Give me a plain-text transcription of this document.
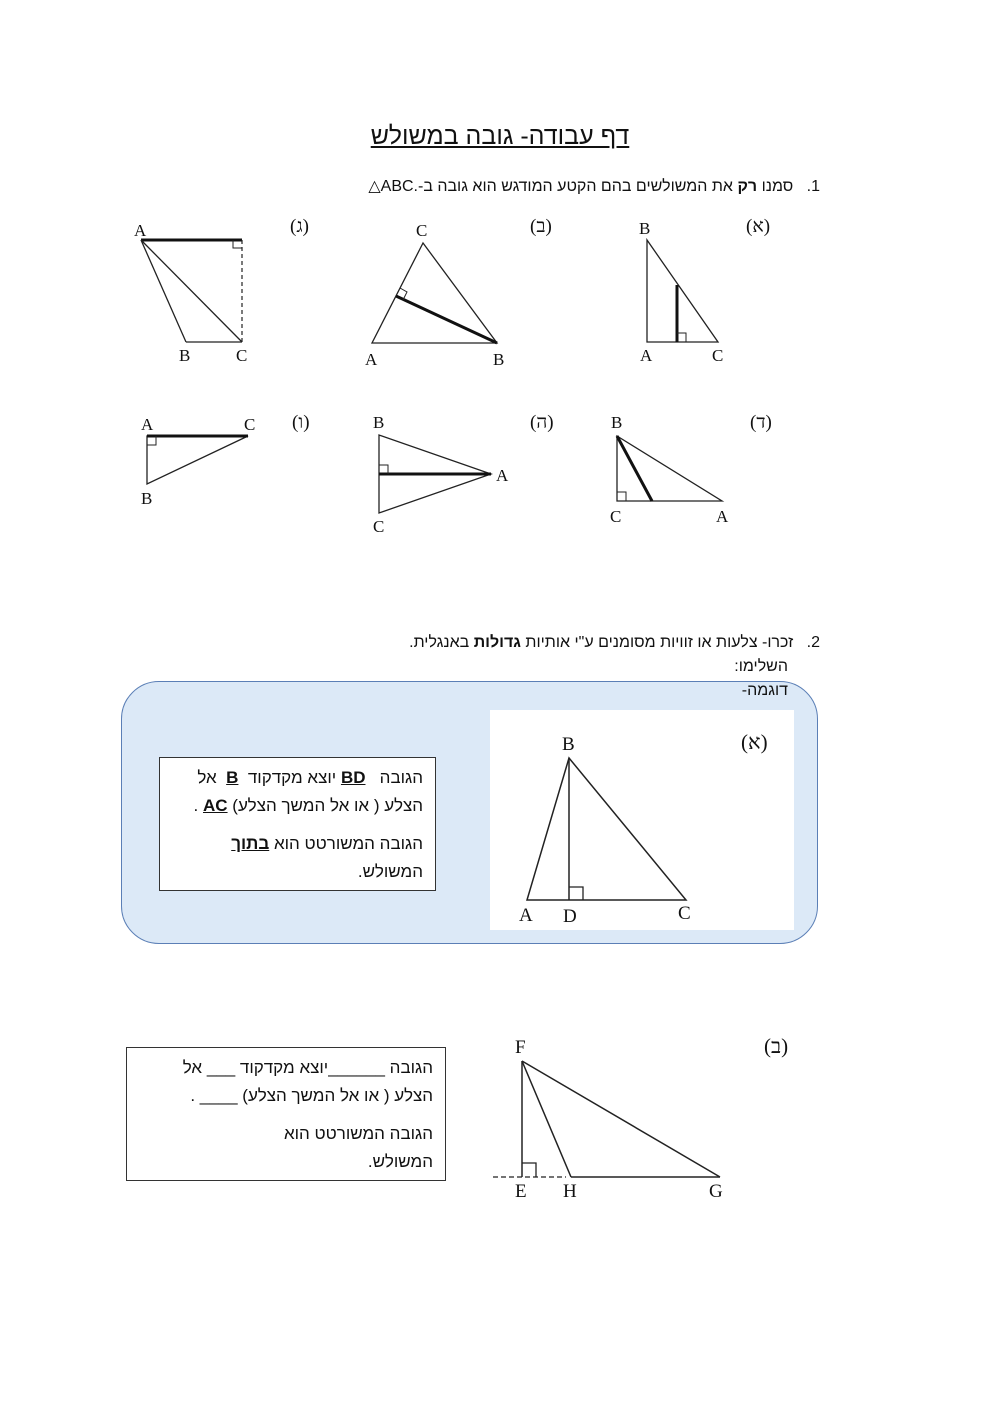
דף עבודה- גובה במשולש
1.   סמנו רק את המשולשים בהם הקטע המודגש הוא גובה ב-△ABC.
(א)
(ב)
(ג)
(ד)
(ה)
(ו)
B
A	C
C
A	B
A
B	C
B
C	A
B
A
C
A	C
B
2.   זכרו- צלעות או זוויות מסומנים ע"י אותיות גדולות באנגלית.
השלימו:
דוגמה-
(א)
B
A D	C

הגובה   BD יוצא מקדקוד  B  אל
הצלע ( או אל המשך הצלע) AC .

הגובה המשורטט הוא בתוך
המשולש.

(ב)
F
E H	G

הגובה ______יוצא מקדקוד ___ אל
הצלע ( או אל המשך הצלע) ____ .

הגובה המשורטט הוא
המשולש.
